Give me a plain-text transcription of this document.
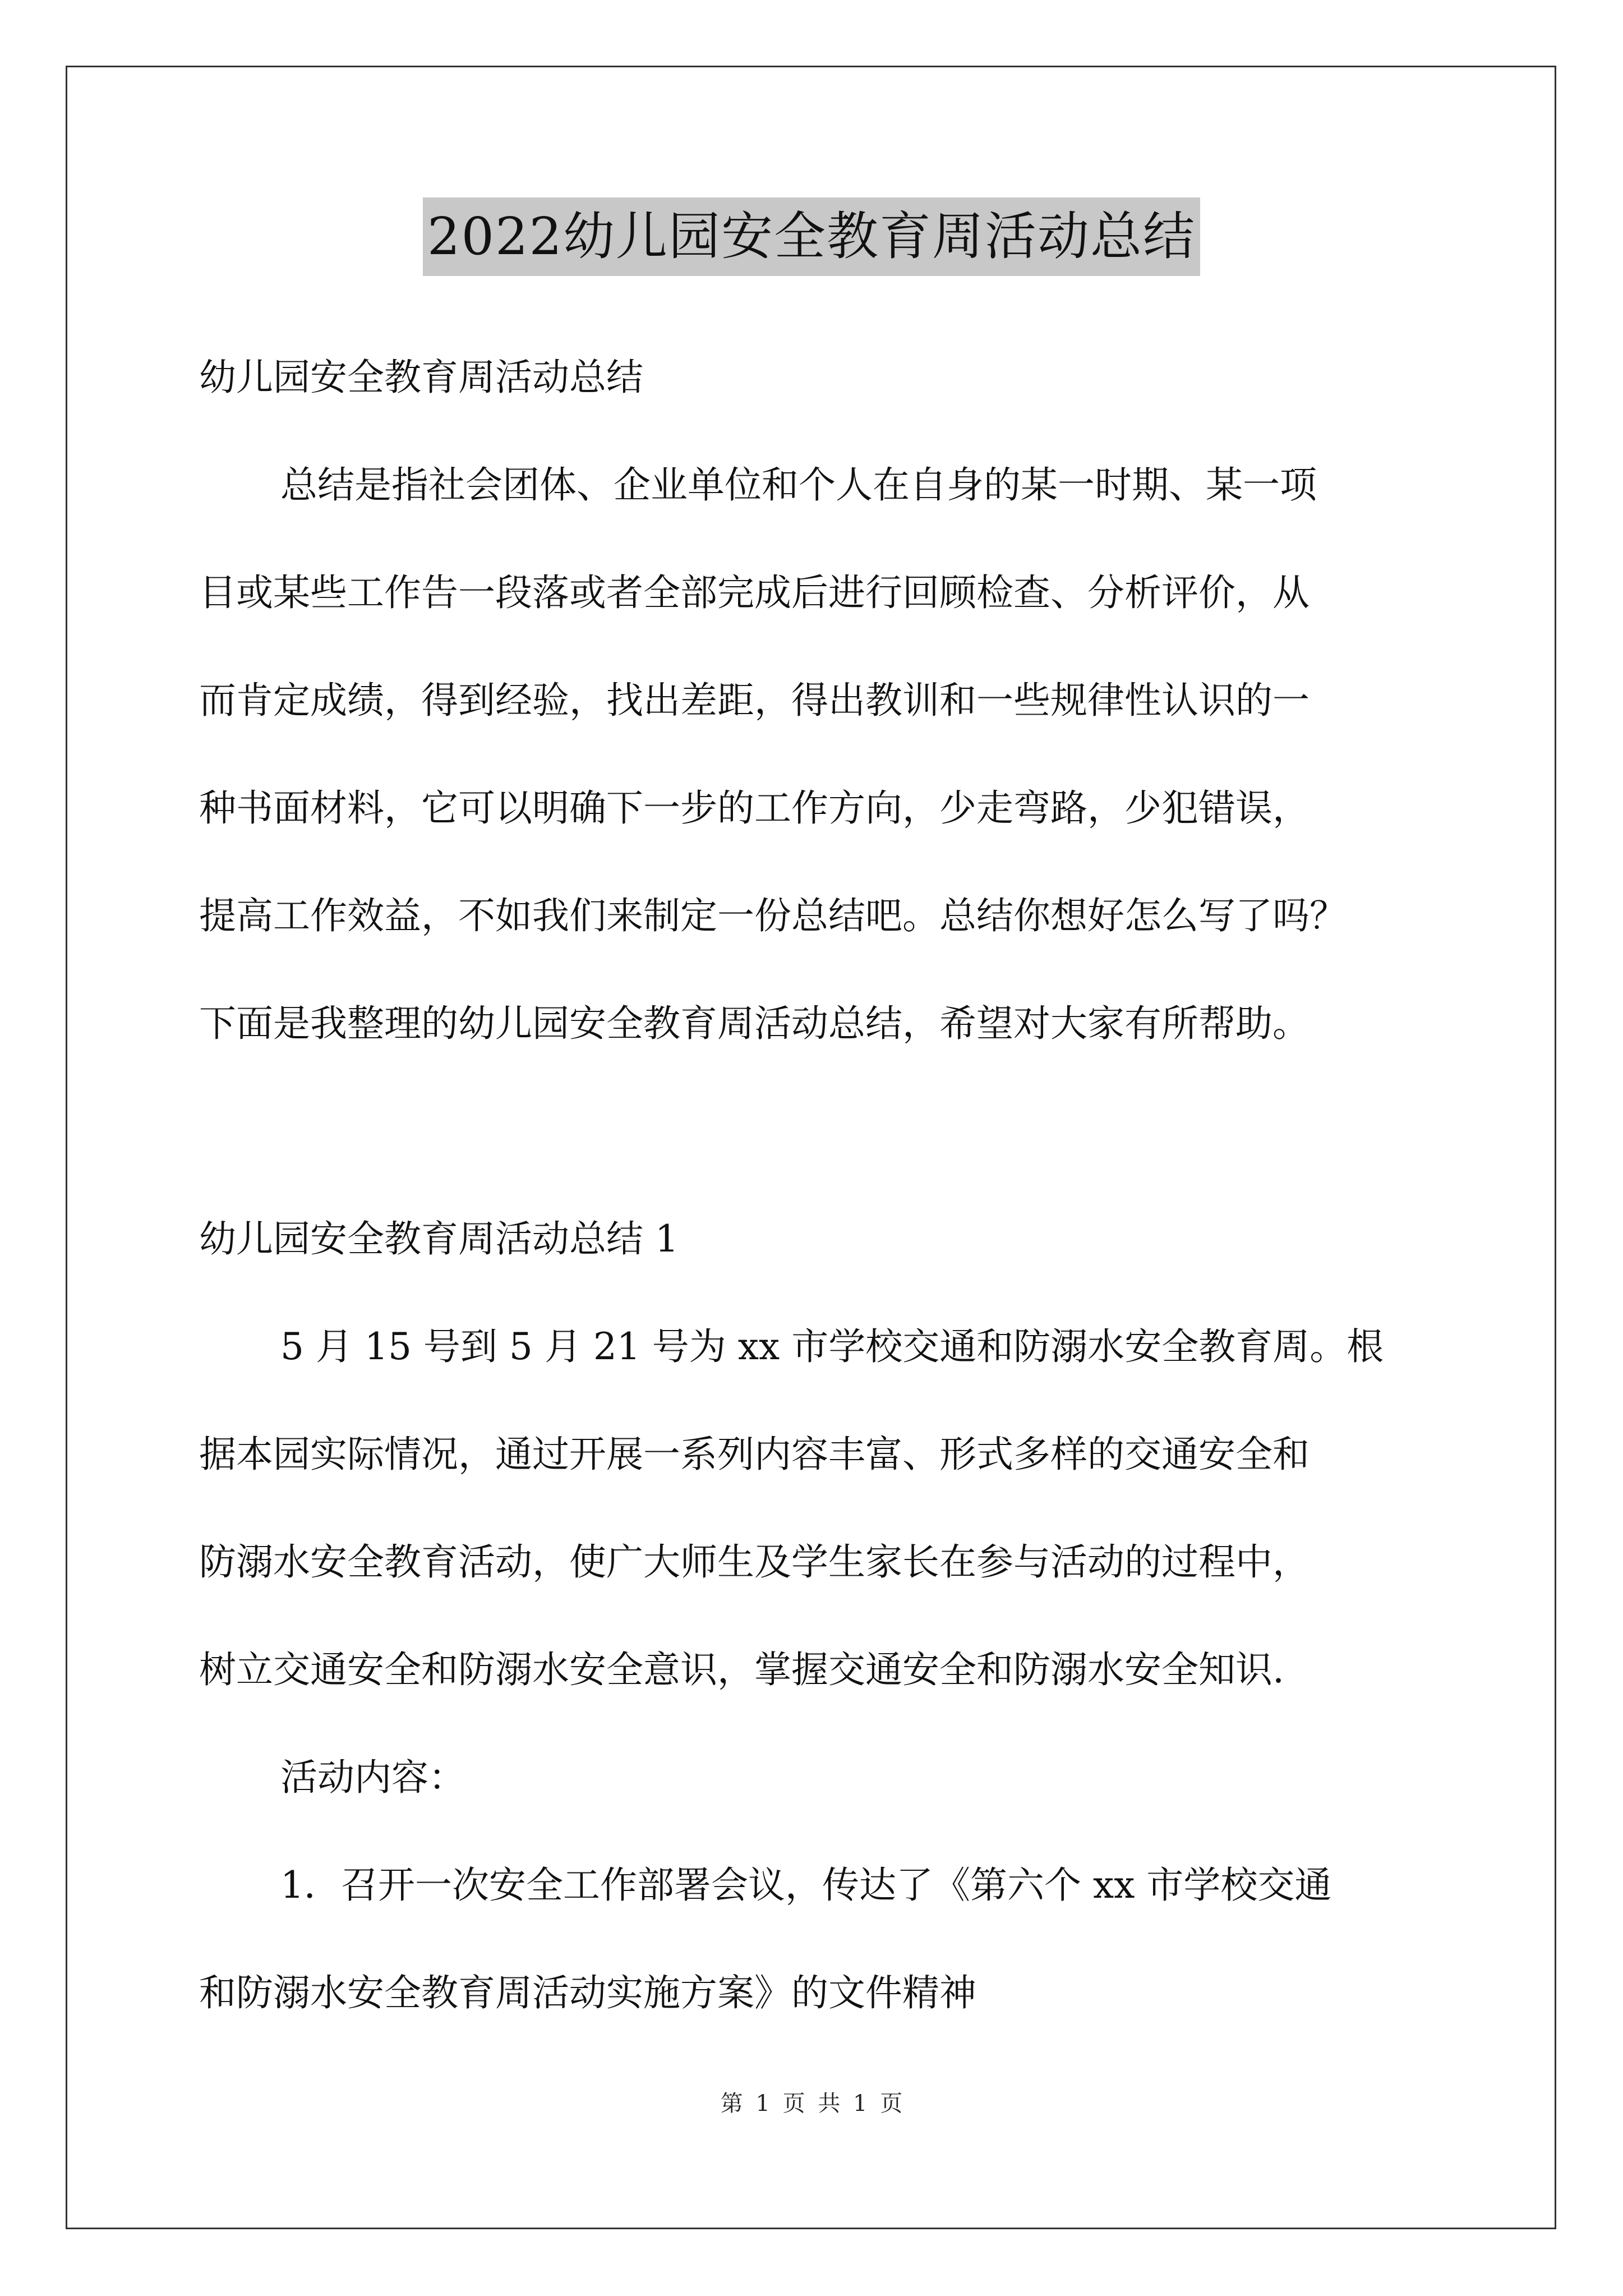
2022幼儿园安全教育周活动总结
幼儿园安全教育周活动总结
总结是指社会团体、企业单位和个人在自身的某一时期、某一项
目或某些工作告一段落或者全部完成后进行回顾检查、分析评价，从
而肯定成绩，得到经验，找出差距，得出教训和一些规律性认识的一
种书面材料，它可以明确下一步的工作方向，少走弯路，少犯错误，
提高工作效益，不如我们来制定一份总结吧。总结你想好怎么写了吗？
下面是我整理的幼儿园安全教育周活动总结，希望对大家有所帮助。
幼儿园安全教育周活动总结 1
5 月 15 号到 5 月 21 号为 xx 市学校交通和防溺水安全教育周。根
据本园实际情况，通过开展一系列内容丰富、形式多样的交通安全和
防溺水安全教育活动，使广大师生及学生家长在参与活动的过程中，
树立交通安全和防溺水安全意识，掌握交通安全和防溺水安全知识.
活动内容：
1．召开一次安全工作部署会议，传达了《第六个 xx 市学校交通
和防溺水安全教育周活动实施方案》的文件精神
第 1 页 共 1 页
